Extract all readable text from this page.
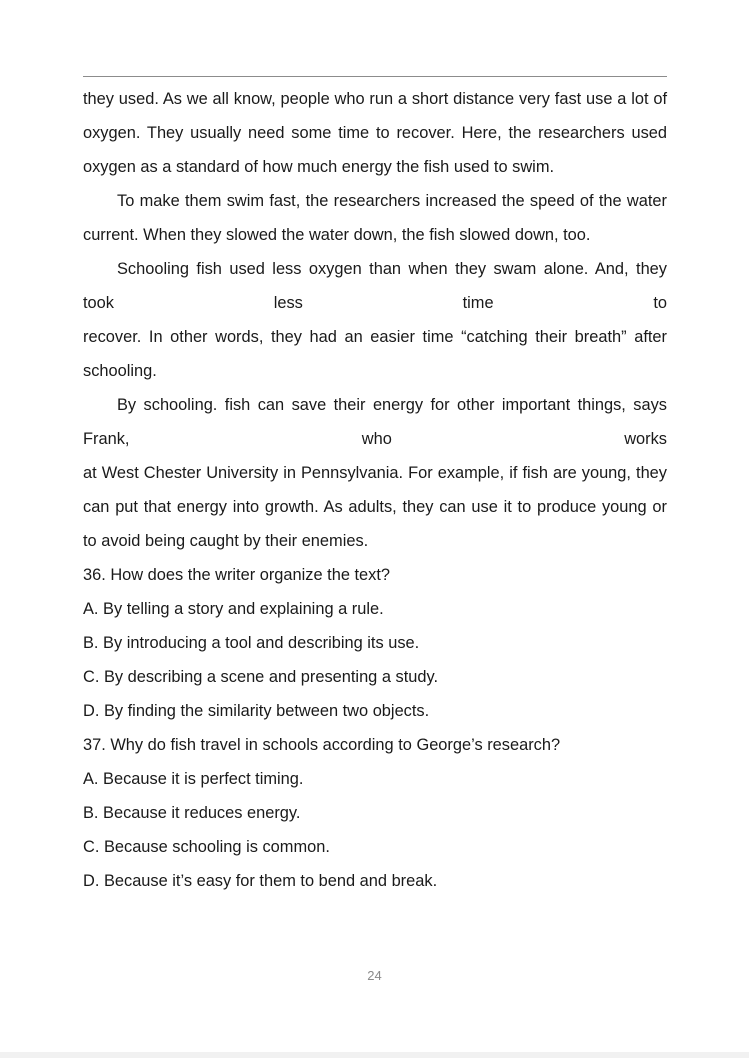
they used. As we all know, people who run a short distance very fast use a lot of oxygen. They usually need some time to recover. Here, the researchers used oxygen as a standard of how much energy the fish used to swim.

To make them swim fast, the researchers increased the speed of the water current. When they slowed the water down, the fish slowed down, too.

Schooling fish used less oxygen than when they swam alone. And, they took less time to

recover. In other words, they had an easier time “catching their breath” after schooling.

By schooling. fish can save their energy for other important things, says Frank, who works

at West Chester University in Pennsylvania. For example, if fish are young, they can put that energy into growth. As adults, they can use it to produce young or to avoid being caught by their enemies.

36. How does the writer organize the text?

A. By telling a story and explaining a rule.

B. By introducing a tool and describing its use.

C. By describing a scene and presenting a study.

D. By finding the similarity between two objects.

37. Why do fish travel in schools according to George’s research?

A. Because it is perfect timing.

B. Because it reduces energy.

C. Because schooling is common.

D. Because it’s easy for them to bend and break.

24
